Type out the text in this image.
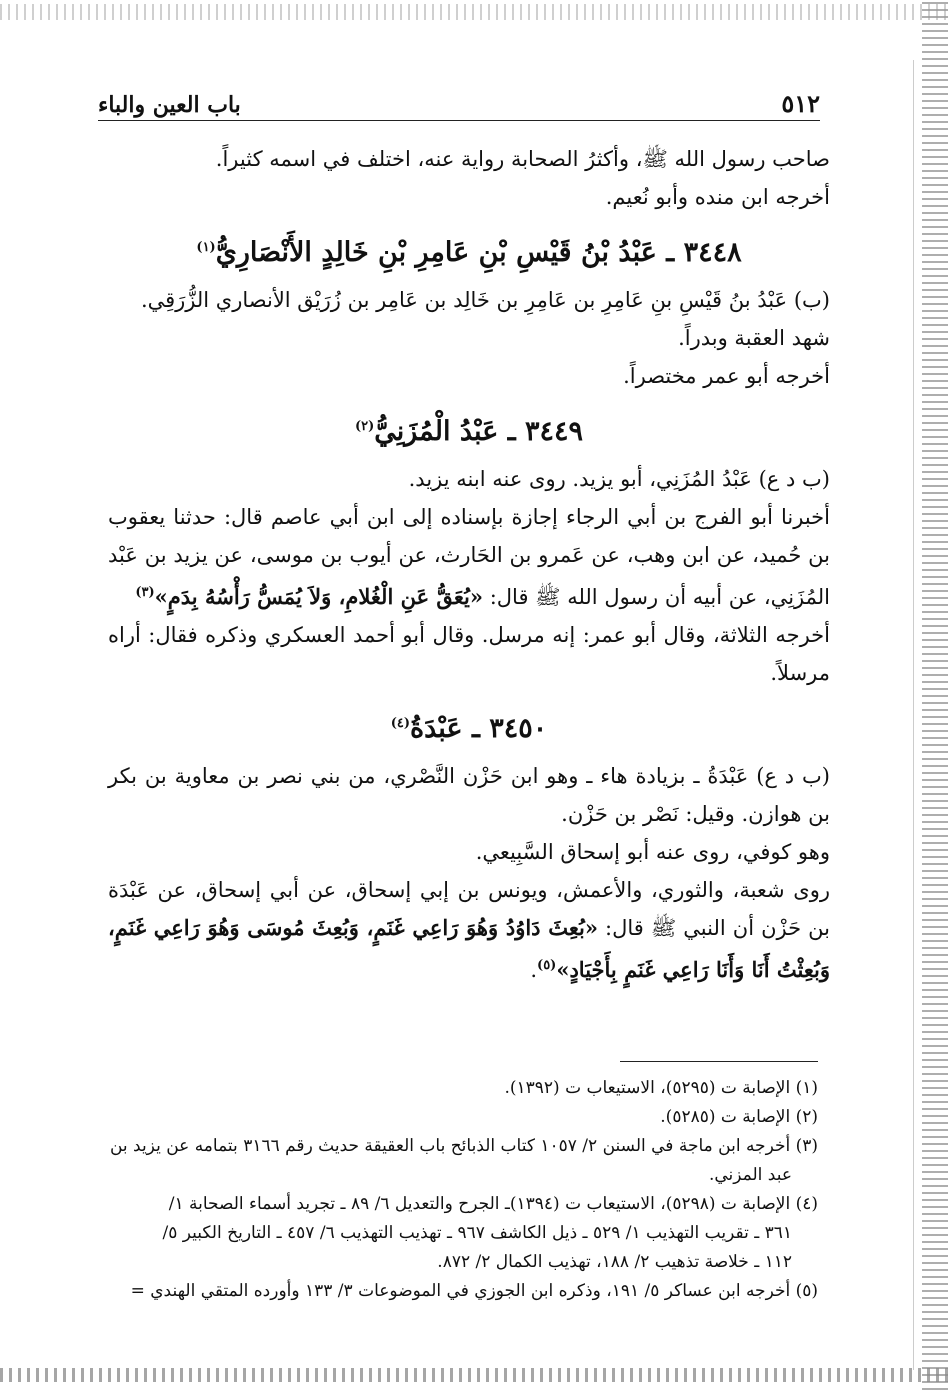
٥١٢
باب العين والباء

صاحب رسول الله ﷺ، وأكثرُ الصحابة رواية عنه، اختلف في اسمه كثيراً.

أخرجه ابن منده وأبو نُعيم.

٣٤٤٨ ـ عَبْدُ بْنُ قَيْسِ بْنِ عَامِرِ بْنِ خَالِدٍ الأَنْصَارِيُّ$^{(١)}$

(ب) عَبْدُ بنُ قَيْسِ بنِ عَامِرِ بن عَامِرِ بن خَالِد بن عَامِر بن زُرَيْق الأنصاري الزُّرَقِي.

شهد العقبة وبدراً.

أخرجه أبو عمر مختصراً.

٣٤٤٩ ـ عَبْدُ الْمُزَنِيُّ$^{(٢)}$

(ب د ع) عَبْدُ المُزَنِي، أبو يزيد. روى عنه ابنه يزيد.

أخبرنا أبو الفرج بن أبي الرجاء إجازة بإسناده إلى ابن أبي عاصم قال: حدثنا يعقوب بن حُميد، عن ابن وهب، عن عَمرو بن الحَارث، عن أيوب بن موسى، عن يزيد بن عَبْد المُزَنِي، عن أبيه أن رسول الله ﷺ قال: «يُعَقُّ عَنِ الْغُلامِ، وَلاَ يُمَسُّ رَأْسُهُ بِدَمٍ»$^{(٣)}$

أخرجه الثلاثة، وقال أبو عمر: إنه مرسل. وقال أبو أحمد العسكري وذكره فقال: أراه مرسلاً.

٣٤٥٠ ـ عَبْدَةُ$^{(٤)}$

(ب د ع) عَبْدَةُ ـ بزيادة هاء ـ وهو ابن حَزْن النَّصْري، من بني نصر بن معاوية بن بكر بن هوازن. وقيل: نَصْر بن حَزْن.

وهو كوفي، روى عنه أبو إسحاق السَّبِيعي.

روى شعبة، والثوري، والأعمش، ويونس بن إبي إسحاق، عن أبي إسحاق، عن عَبْدَة بن حَزْن أن النبي ﷺ قال: «بُعِثَ دَاوُدُ وَهُوَ رَاعِي غَنَمٍ، وَبُعِثَ مُوسَى وَهُوَ رَاعِي غَنَمٍ، وَبُعِثْتُ أَنَا وَأَنَا رَاعِي غَنَمٍ بِأَجْيَادٍ»$^{(٥)}$.

(١) الإصابة ت (٥٢٩٥)، الاستيعاب ت (١٣٩٢).

(٢) الإصابة ت (٥٢٨٥).

(٣) أخرجه ابن ماجة في السنن ٢/ ١٠٥٧ كتاب الذبائح باب العقيقة حديث رقم ٣١٦٦ بتمامه عن يزيد بن

عبد المزني.

(٤) الإصابة ت (٥٢٩٨)، الاستيعاب ت (١٣٩٤)ـ الجرح والتعديل ٦/ ٨٩ ـ تجريد أسماء الصحابة ١/

٣٦١ ـ تقريب التهذيب ١/ ٥٢٩ ـ ذيل الكاشف ٩٦٧ ـ تهذيب التهذيب ٦/ ٤٥٧ ـ التاريخ الكبير ٥/

١١٢ ـ خلاصة تذهيب ٢/ ١٨٨، تهذيب الكمال ٢/ ٨٧٢.

(٥) أخرجه ابن عساكر ٥/ ١٩١، وذكره ابن الجوزي في الموضوعات ٣/ ١٣٣ وأورده المتقي الهندي =
